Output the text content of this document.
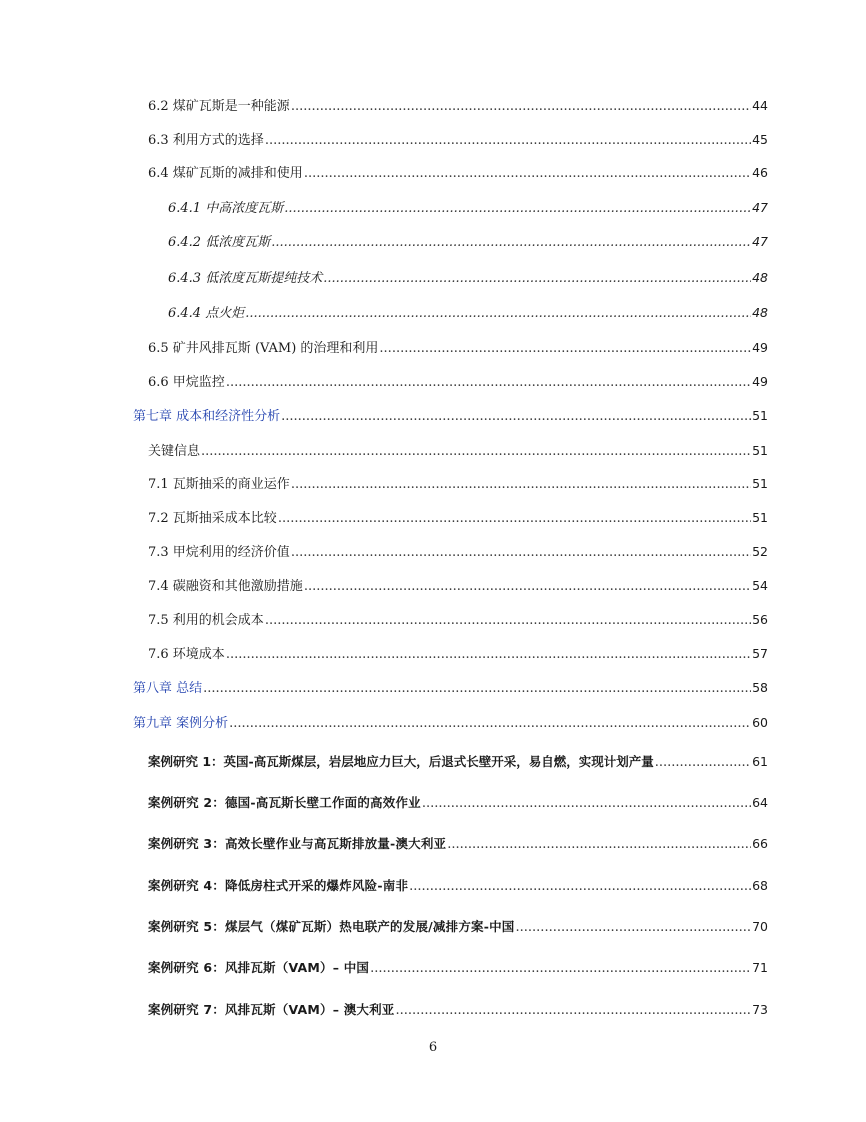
6.2 煤矿瓦斯是一种能源 .....	44
6.3 利用方式的选择 .....	45
6.4 煤矿瓦斯的减排和使用 .....	46
6.4.1 中高浓度瓦斯 .....	47
6.4.2 低浓度瓦斯 .....	47
6.4.3 低浓度瓦斯提纯技术 .....	48
6.4.4 点火炬 .....	48
6.5 矿井风排瓦斯 (VAM) 的治理和利用 .....	49
6.6 甲烷监控 .....	49
第七章 成本和经济性分析 .....	51
关键信息 .....	51
7.1 瓦斯抽采的商业运作 .....	51
7.2 瓦斯抽采成本比较 .....	51
7.3 甲烷利用的经济价值 .....	52
7.4 碳融资和其他激励措施 .....	54
7.5 利用的机会成本 .....	56
7.6 环境成本 .....	57
第八章 总结 .....	58
第九章 案例分析 .....	60
案例研究 1：英国-高瓦斯煤层，岩层地应力巨大，后退式长壁开采，易自燃，实现计划产量 .....	61
案例研究 2：德国-高瓦斯长壁工作面的高效作业 .....	64
案例研究 3：高效长壁作业与高瓦斯排放量-澳大利亚 .....	66
案例研究 4：降低房柱式开采的爆炸风险-南非 .....	68
案例研究 5：煤层气（煤矿瓦斯）热电联产的发展/减排方案-中国 .....	70
案例研究 6：风排瓦斯（VAM）– 中国 .....	71
案例研究 7：风排瓦斯（VAM）– 澳大利亚 .....	73
6
